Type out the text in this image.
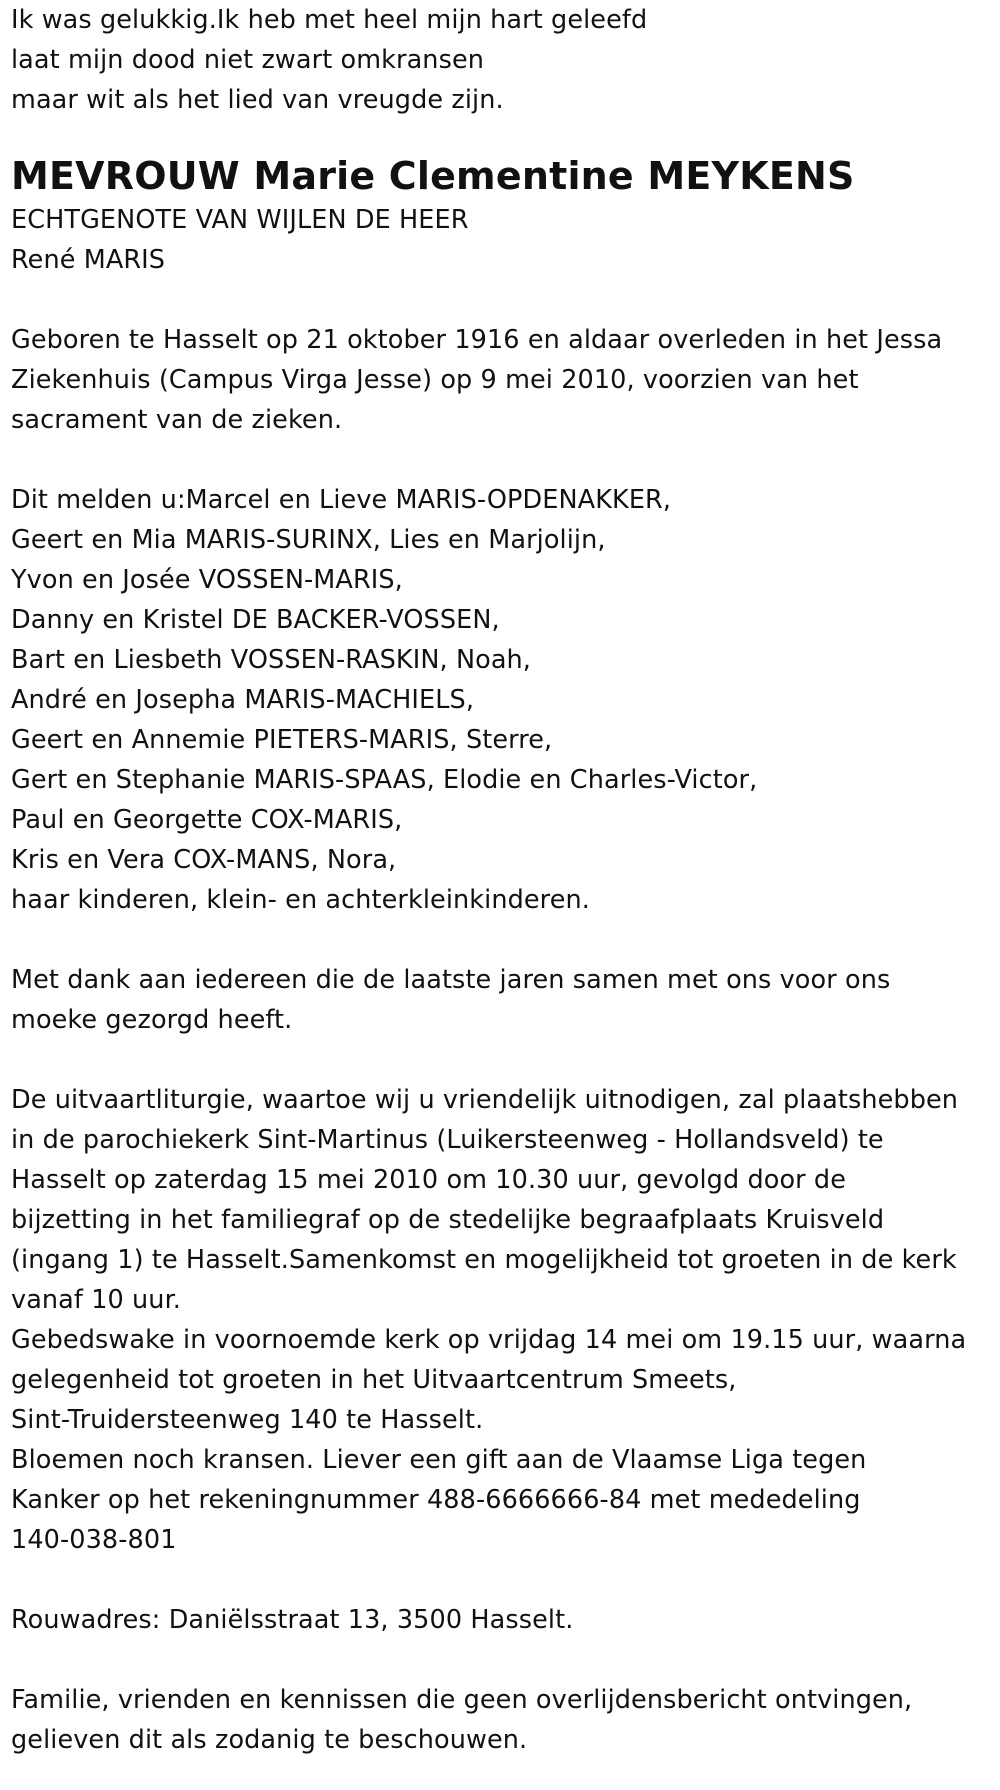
Ik was gelukkig.Ik heb met heel mijn hart geleefd
laat mijn dood niet zwart omkransen
maar wit als het lied van vreugde zijn.
MEVROUW Marie Clementine MEYKENS
ECHTGENOTE VAN WIJLEN DE HEER
René MARIS
Geboren te Hasselt op 21 oktober 1916 en aldaar overleden in het Jessa
Ziekenhuis (Campus Virga Jesse) op 9 mei 2010, voorzien van het
sacrament van de zieken.
Dit melden u:Marcel en Lieve MARIS-OPDENAKKER,
Geert en Mia MARIS-SURINX, Lies en Marjolijn,
Yvon en Josée VOSSEN-MARIS,
Danny en Kristel DE BACKER-VOSSEN,
Bart en Liesbeth VOSSEN-RASKIN, Noah,
André en Josepha MARIS-MACHIELS,
Geert en Annemie PIETERS-MARIS, Sterre,
Gert en Stephanie MARIS-SPAAS, Elodie en Charles-Victor,
Paul en Georgette COX-MARIS,
Kris en Vera COX-MANS, Nora,
haar kinderen, klein- en achterkleinkinderen.
Met dank aan iedereen die de laatste jaren samen met ons voor ons
moeke gezorgd heeft.
De uitvaartliturgie, waartoe wij u vriendelijk uitnodigen, zal plaatshebben
in de parochiekerk Sint-Martinus (Luikersteenweg - Hollandsveld) te
Hasselt op zaterdag 15 mei 2010 om 10.30 uur, gevolgd door de
bijzetting in het familiegraf op de stedelijke begraafplaats Kruisveld
(ingang 1) te Hasselt.Samenkomst en mogelijkheid tot groeten in de kerk
vanaf 10 uur.
Gebedswake in voornoemde kerk op vrijdag 14 mei om 19.15 uur, waarna
gelegenheid tot groeten in het Uitvaartcentrum Smeets,
Sint-Truidersteenweg 140 te Hasselt.
Bloemen noch kransen. Liever een gift aan de Vlaamse Liga tegen
Kanker op het rekeningnummer 488-6666666-84 met mededeling
140-038-801
Rouwadres: Daniëlsstraat 13, 3500 Hasselt.
Familie, vrienden en kennissen die geen overlijdensbericht ontvingen,
gelieven dit als zodanig te beschouwen.
